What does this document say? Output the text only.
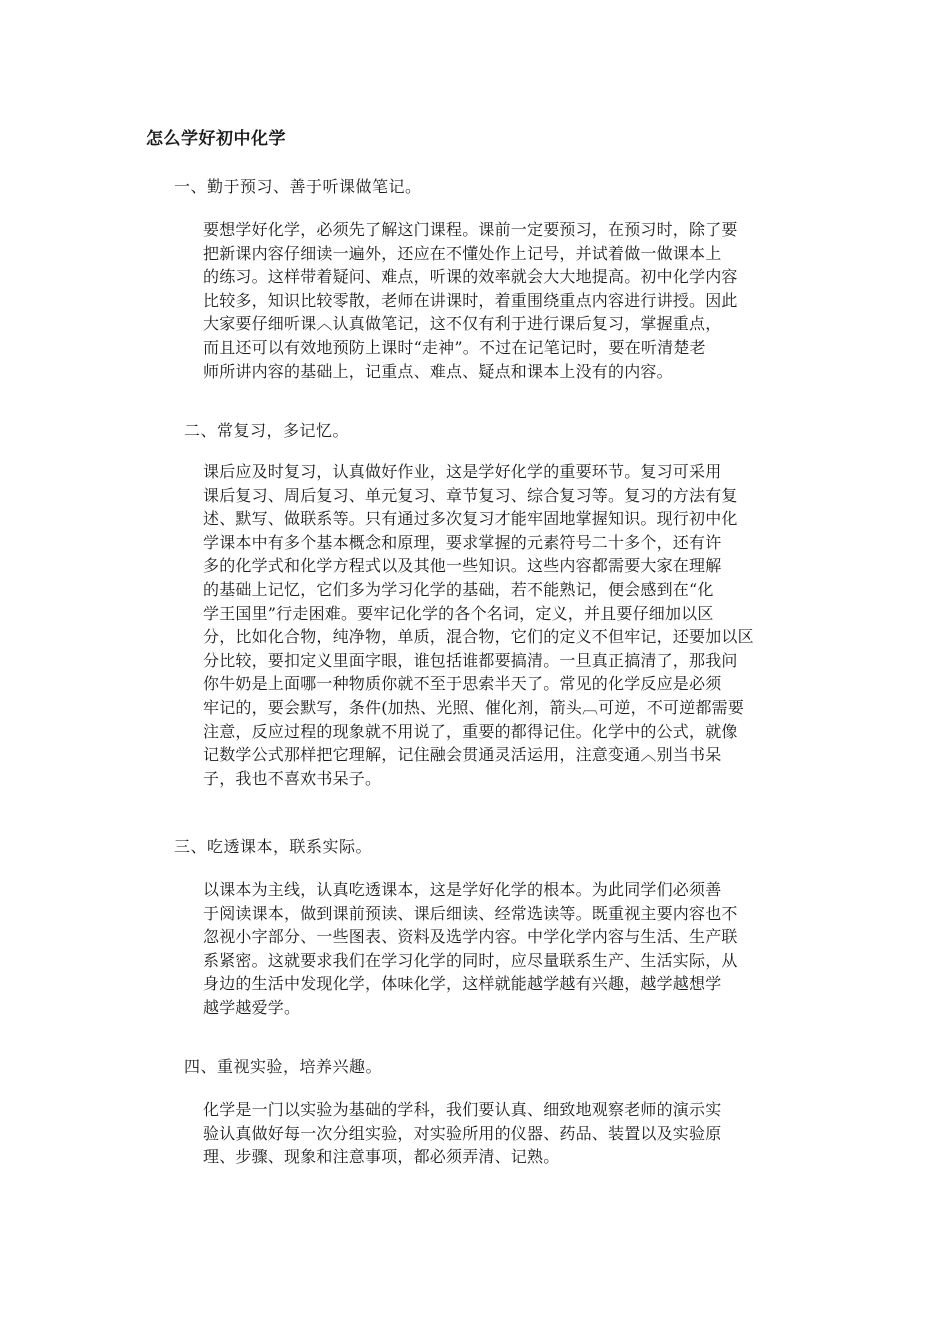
怎么学好初中化学
一、勤于预习、善于听课做笔记。

要想学好化学，必须先了解这门课程。课前一定要预习，在预习时，除了要

把新课内容仔细读一遍外，还应在不懂处作上记号，并试着做一做课本上

的练习。这样带着疑问、难点，听课的效率就会大大地提高。初中化学内容

比较多，知识比较零散，老师在讲课时，着重围绕重点内容进行讲授。因此

大家要仔细听课︿认真做笔记，这不仅有利于进行课后复习，掌握重点，

而且还可以有效地预防上课时“走神”。不过在记笔记时，要在听清楚老

师所讲内容的基础上，记重点、难点、疑点和课本上没有的内容。

二、常复习，多记忆。

课后应及时复习，认真做好作业，这是学好化学的重要环节。复习可采用

课后复习、周后复习、单元复习、章节复习、综合复习等。复习的方法有复

述、默写、做联系等。只有通过多次复习才能牢固地掌握知识。现行初中化

学课本中有多个基本概念和原理，要求掌握的元素符号二十多个，还有许

多的化学式和化学方程式以及其他一些知识。这些内容都需要大家在理解

的基础上记忆，它们多为学习化学的基础，若不能熟记，便会感到在“化

学王国里”行走困难。要牢记化学的各个名词，定义，并且要仔细加以区

分，比如化合物，纯净物，单质，混合物，它们的定义不但牢记，还要加以区

分比较，要扣定义里面字眼，谁包括谁都要搞清。一旦真正搞清了，那我问

你牛奶是上面哪一种物质你就不至于思索半天了。常见的化学反应是必须

牢记的，要会默写，条件(加热、光照、催化剂，箭头︹可逆，不可逆都需要

注意，反应过程的现象就不用说了，重要的都得记住。化学中的公式，就像

记数学公式那样把它理解，记住融会贯通灵活运用，注意变通︿别当书呆

子，我也不喜欢书呆子。

三、吃透课本，联系实际。

以课本为主线，认真吃透课本，这是学好化学的根本。为此同学们必须善

于阅读课本，做到课前预读、课后细读、经常选读等。既重视主要内容也不

忽视小字部分、一些图表、资料及选学内容。中学化学内容与生活、生产联

系紧密。这就要求我们在学习化学的同时，应尽量联系生产、生活实际，从

身边的生活中发现化学，体味化学，这样就能越学越有兴趣，越学越想学

越学越爱学。

四、重视实验，培养兴趣。

化学是一门以实验为基础的学科，我们要认真、细致地观察老师的演示实

验认真做好每一次分组实验，对实验所用的仪器、药品、装置以及实验原

理、步骤、现象和注意事项，都必须弄清、记熟。
